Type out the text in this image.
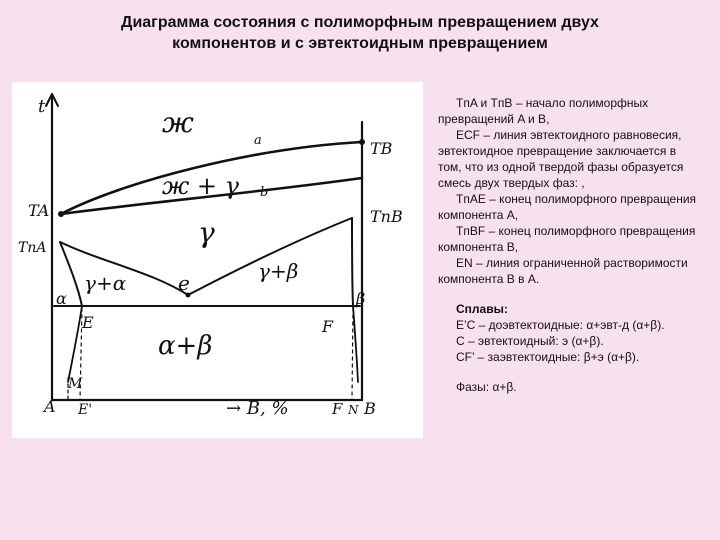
Диаграмма состояния с полиморфным превращением двух
компонентов и с эвтектоидным превращением
t	ж
a	TB
TA
ж + γ b
TпB
TпA	γ
γ+α	e	γ+β
α	β
E	F
α+β
M
A E'	→ B, %	F N B

TпA и TпB – начало полиморфных превращений A и B,

ECF – линия эвтектоидного равновесия, эвтектоидное превращение заключается в том, что из одной твердой фазы образуется смесь двух твердых фаз: ,

TпAE – конец полиморфного превращения компонента A,

TпBF – конец полиморфного превращения компонента B,

EN – линия ограниченной растворимости компонента B в A.

Сплавы:

E’C – доэвтектоидные: α+эвт-д (α+β).

C – эвтектоидный: э (α+β).

CF’ – заэвтектоидные: β+э (α+β).

Фазы: α+β.
